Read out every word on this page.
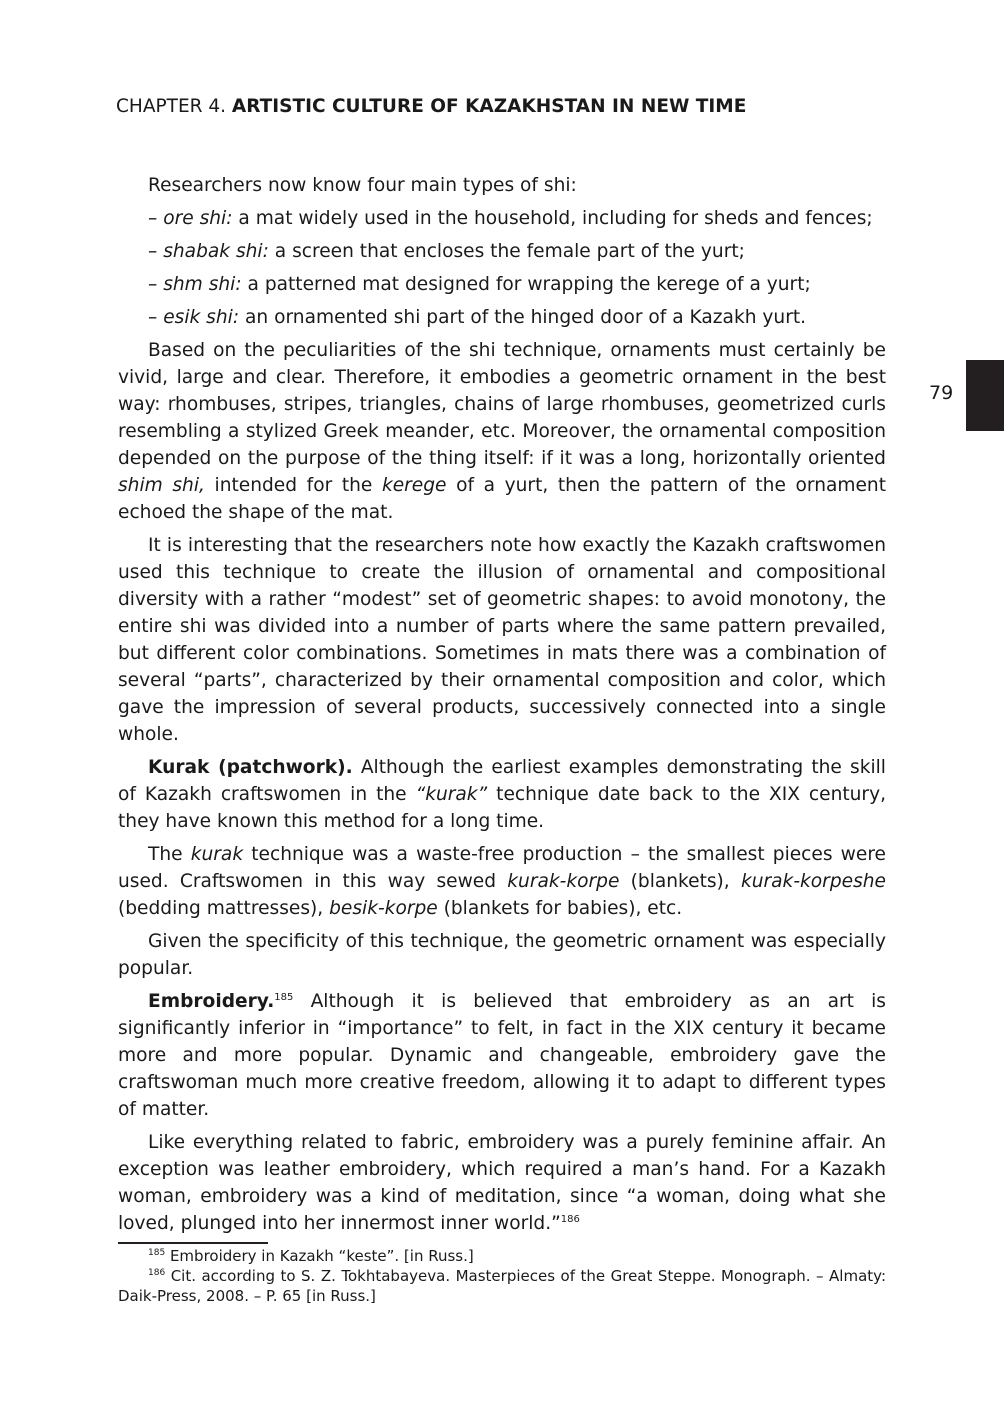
CHAPTER 4. ARTISTIC CULTURE OF KAZAKHSTAN IN NEW TIME
79

Researchers now know four main types of shi:

– ore shi: a mat widely used in the household, including for sheds and fences;

– shabak shi: a screen that encloses the female part of the yurt;

– shm shi: a patterned mat designed for wrapping the kerege of a yurt;

– esik shi: an ornamented shi part of the hinged door of a Kazakh yurt.

Based on the peculiarities of the shi technique, ornaments must certainly be vivid, large and clear. Therefore, it embodies a geometric ornament in the best way: rhombuses, stripes, triangles, chains of large rhombuses, geometrized curls resembling a stylized Greek meander, etc. Moreover, the ornamental composition depended on the purpose of the thing itself: if it was a long, horizontally oriented shim shi, intended for the kerege of a yurt, then the pattern of the ornament echoed the shape of the mat.

It is interesting that the researchers note how exactly the Kazakh craftswomen used this technique to create the illusion of ornamental and compositional diversity with a rather “modest” set of geometric shapes: to avoid monotony, the entire shi was divided into a number of parts where the same pattern prevailed, but different color combinations. Sometimes in mats there was a combination of several “parts”, characterized by their ornamental composition and color, which gave the impression of several products, successively connected into a single whole.

Kurak (patchwork). Although the earliest examples demonstrating the skill of Kazakh craftswomen in the “kurak” technique date back to the XIX century, they have known this method for a long time.

The kurak technique was a waste-free production – the smallest pieces were used. Craftswomen in this way sewed kurak-korpe (blankets), kurak-korpeshe (bedding mattresses), besik-korpe (blankets for babies), etc.

Given the specificity of this technique, the geometric ornament was especially popular.

Embroidery.$^{185}$ Although it is believed that embroidery as an art is significantly inferior in “importance” to felt, in fact in the XIX century it became more and more popular. Dynamic and changeable, embroidery gave the craftswoman much more creative freedom, allowing it to adapt to different types of matter.

Like everything related to fabric, embroidery was a purely feminine affair. An exception was leather embroidery, which required a man’s hand. For a Kazakh woman, embroidery was a kind of meditation, since “a woman, doing what she loved, plunged into her innermost inner world.”$^{186}$

$^{185}$ Embroidery in Kazakh “keste”. [in Russ.]

$^{186}$ Cit. according to S. Z. Tokhtabayeva. Masterpieces of the Great Steppe. Monograph. – Almaty: Daik-Press, 2008. – P. 65 [in Russ.]
